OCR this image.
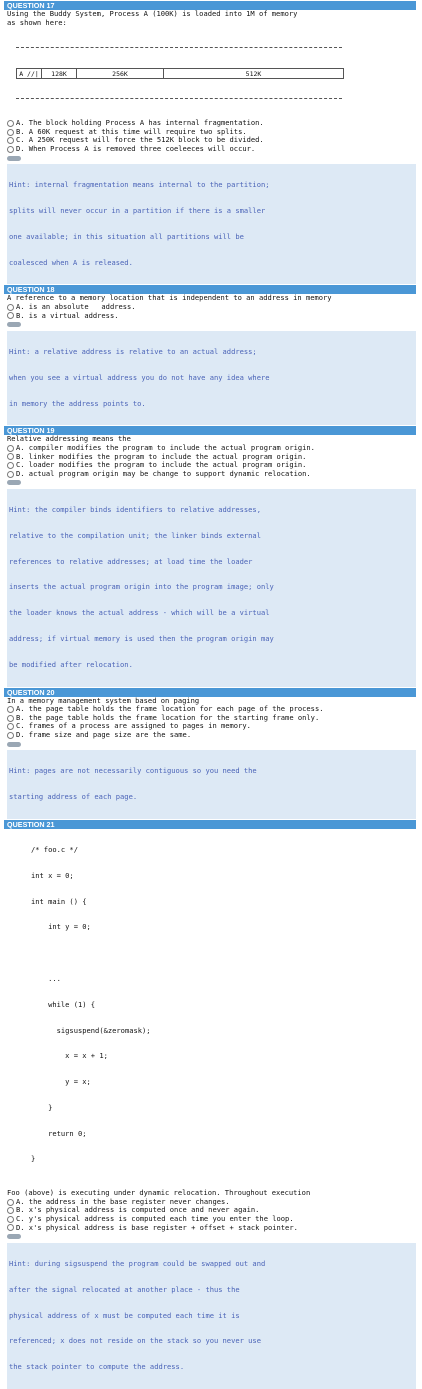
QUESTION 17
Using the Buddy System, Process A (100K) is loaded into 1M of memory
as shown here:

A //|	128K	256K	512K

A. The block holding Process A has internal fragmentation.
B. A 60K request at this time will require two splits.
C. A 250K request will force the 512K block to be divided.
D. When Process A is removed three coeleeces will occur.

Hint: internal fragmentation means internal to the partition;

splits will never occur in a partition if there is a smaller

one available; in this situation all partitions will be

coalesced when A is released.

QUESTION 18
A reference to a memory location that is independent to an address in memory
A. is an absolute   address.
B. is a virtual address.

Hint: a relative address is relative to an actual address;

when you see a virtual address you do not have any idea where

in memory the address points to.

QUESTION 19
Relative addressing means the
A. compiler modifies the program to include the actual program origin.
B. linker modifies the program to include the actual program origin.
C. loader modifies the program to include the actual program origin.
D. actual program origin may be change to support dynamic relocation.

Hint: the compiler binds identifiers to relative addresses,

relative to the compilation unit; the linker binds external

references to relative addresses; at load time the loader

inserts the actual program origin into the program image; only

the loader knows the actual address - which will be a virtual

address; if virtual memory is used then the program origin may

be modified after relocation.

QUESTION 20
In a memory management system based on paging
A. the page table holds the frame location for each page of the process.
B. the page table holds the frame location for the starting frame only.
C. frames of a process are assigned to pages in memory.
D. frame size and page size are the same.

Hint: pages are not necessarily contiguous so you need the

starting address of each page.

QUESTION 21

/* foo.c */

int x = 0;

int main () {

int y = 0;

...

while (1) {

sigsuspend(&zeromask);

x = x + 1;

y = x;

}

return 0;

}

Foo (above) is executing under dynamic relocation. Throughout execution
A. the address in the base register never changes.
B. x's physical address is computed once and never again.
C. y's physical address is computed each time you enter the loop.
D. x's physical address is base register + offset + stack pointer.

Hint: during sigsuspend the program could be swapped out and

after the signal relocated at another place - thus the

physical address of x must be computed each time it is

referenced; x does not reside on the stack so you never use

the stack pointer to compute the address.
